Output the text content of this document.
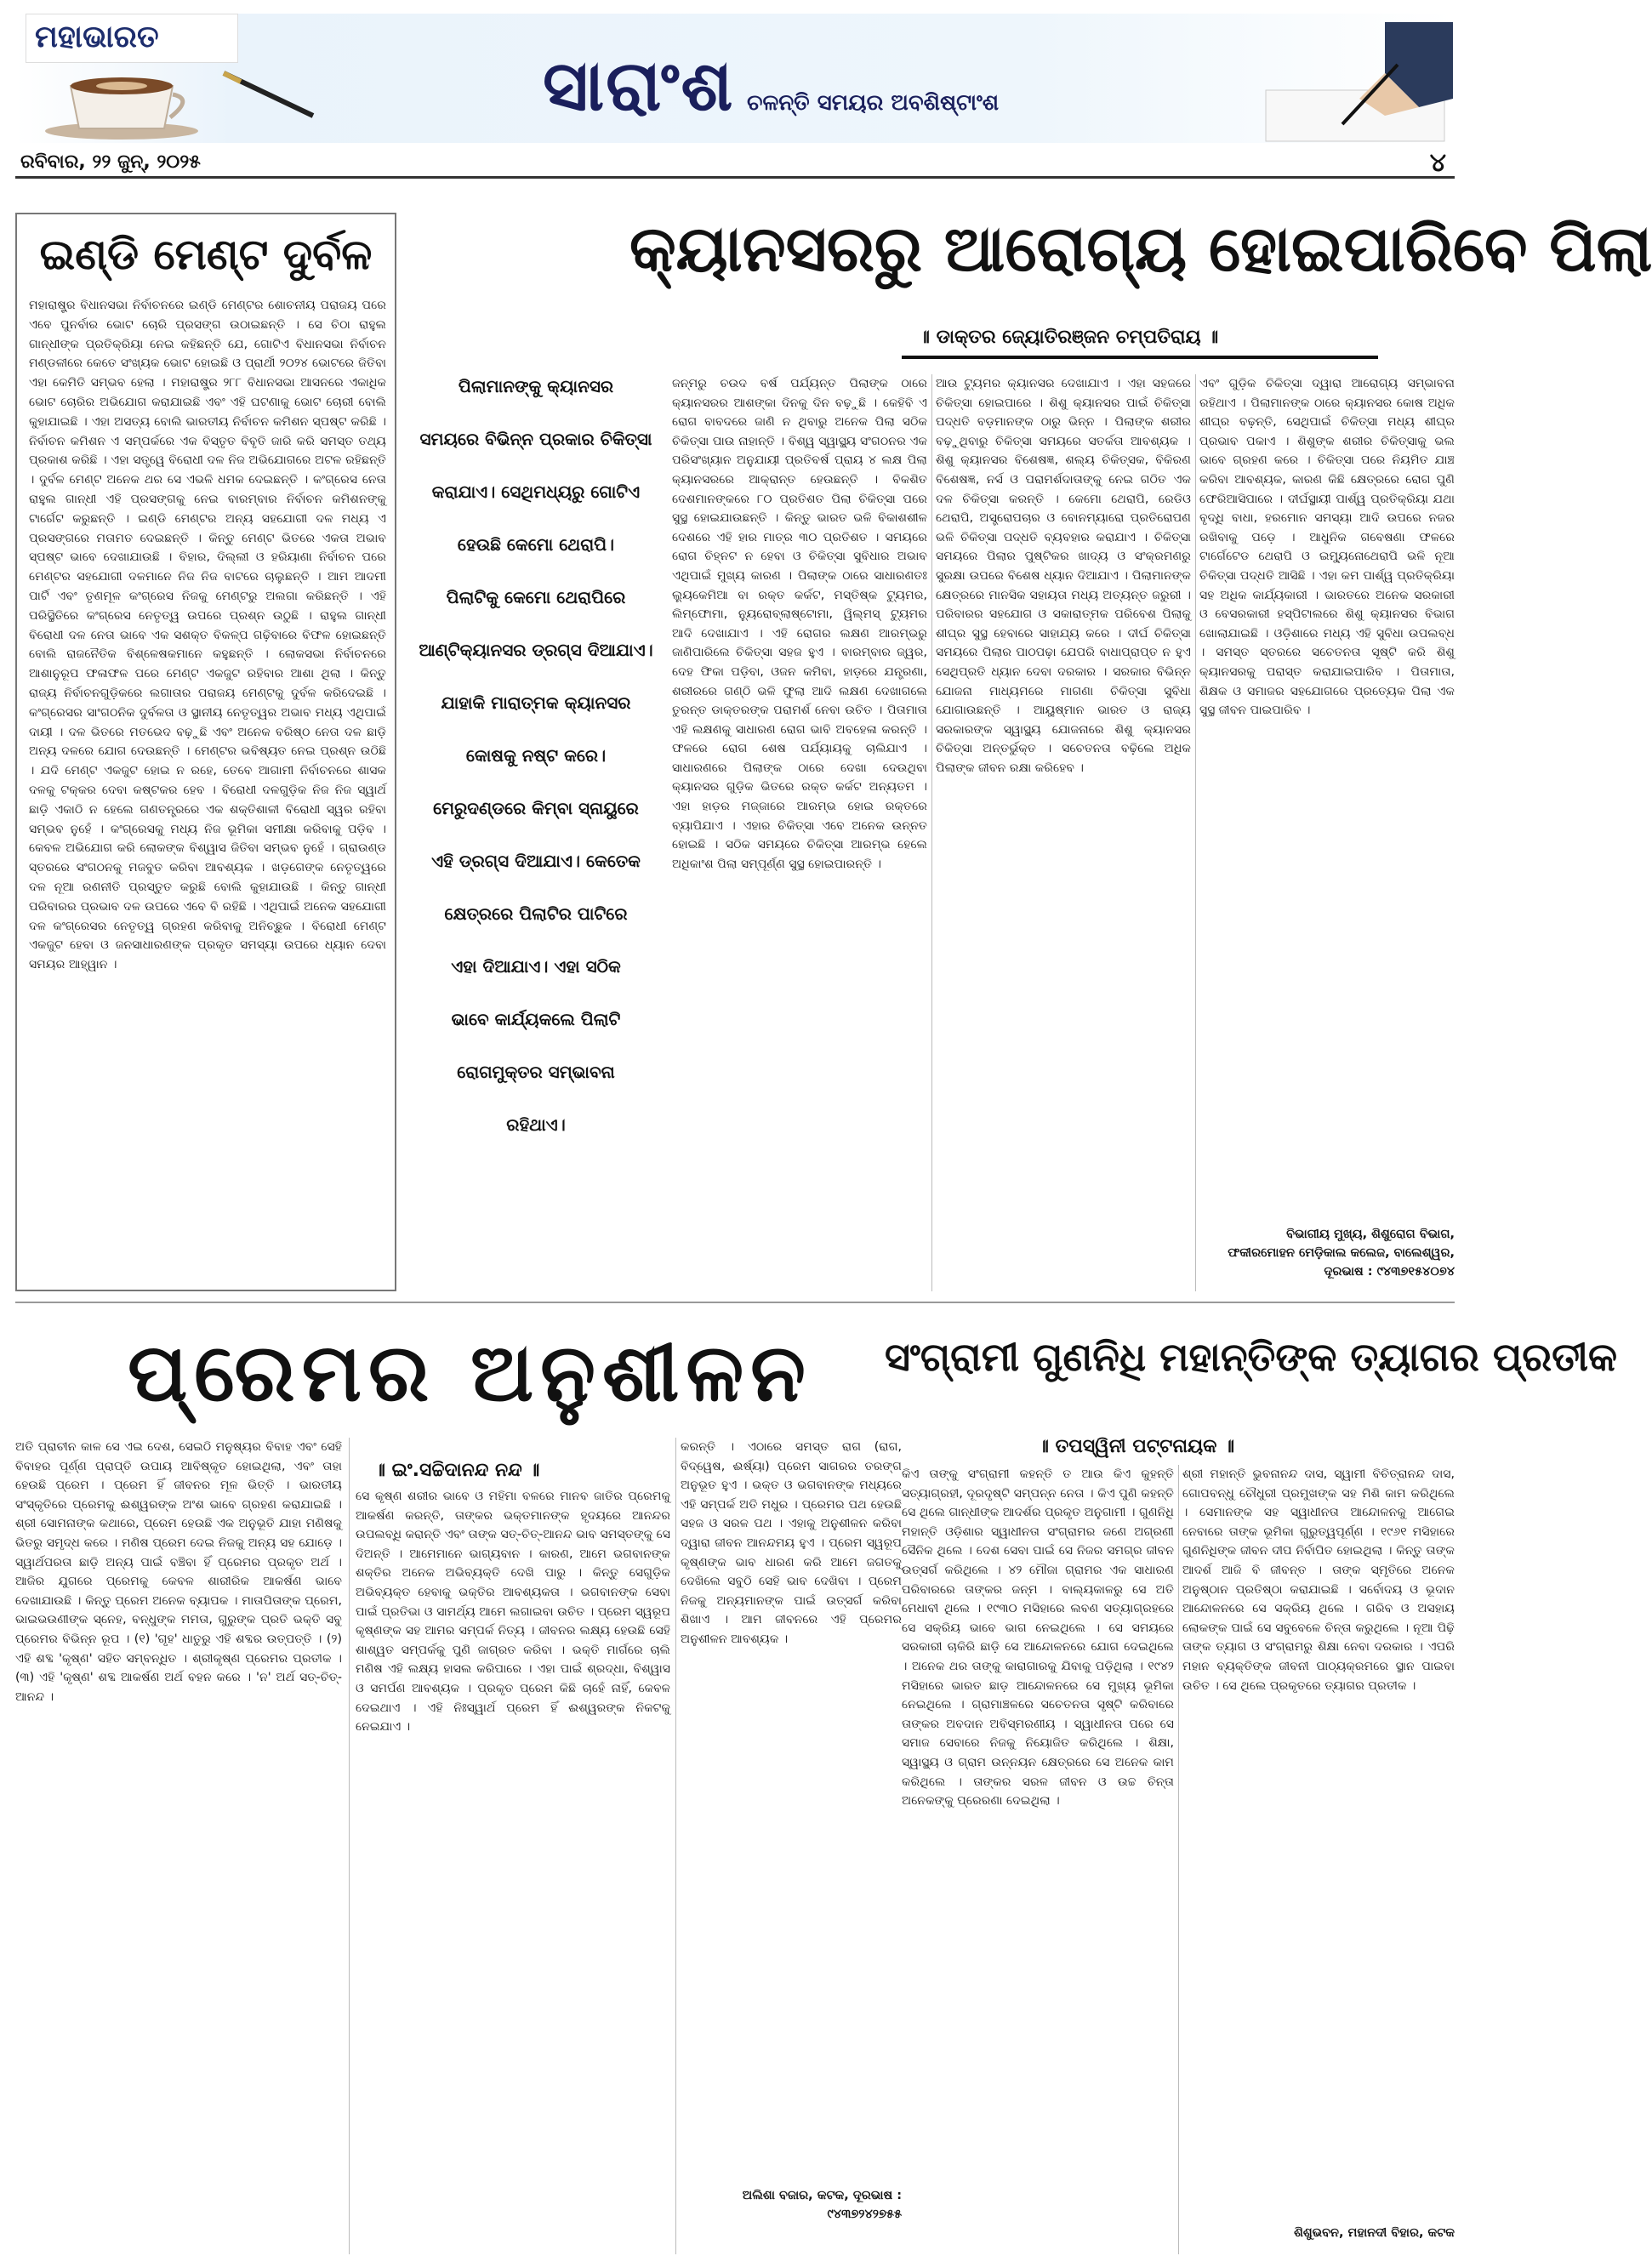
ମହାଭାରତ
ସାରାଂଶ ଚଳନ୍ତି ସମୟର ଅବଶିଷ୍ଟାଂଶ
ରବିବାର, ୨୨ ଜୁନ୍, ୨୦୨୫	୪
ଇଣ୍ଡି ମେଣ୍ଟ ଦୁର୍ବଳ
ମହାରାଷ୍ଟ୍ର ବିଧାନସଭା ନିର୍ବାଚନରେ ଇଣ୍ଡି ମେଣ୍ଟର ଶୋଚନୀୟ ପରାଜୟ ପରେ ଏବେ ପୁନର୍ବାର ଭୋଟ ଚୋରି ପ୍ରସଙ୍ଗ ଉଠାଇଛନ୍ତି । ସେ ଚିଠା ରାହୁଲ ଗାନ୍ଧୀଙ୍କ ପ୍ରତିକ୍ରିୟା ନେଇ କହିଛନ୍ତି ଯେ, ଗୋଟିଏ ବିଧାନସଭା ନିର୍ବାଚନ ମଣ୍ଡଳୀରେ କେତେ ସଂଖ୍ୟକ ଭୋଟ ହୋଇଛି ଓ ପ୍ରାର୍ଥୀ ୨୦୨୪ ଭୋଟରେ ଜିତିବା ଏହା କେମିତି ସମ୍ଭବ ହେଲା । ମହାରାଷ୍ଟ୍ର ୨୮୮ ବିଧାନସଭା ଆସନରେ ଏକାଧିକ ଭୋଟ ଚୋରିର ଅଭିଯୋଗ କରାଯାଇଛି ଏବଂ ଏହି ଘଟଣାକୁ ଭୋଟ ଚୋରୀ ବୋଲି କୁହାଯାଇଛି । ଏହା ଅସତ୍ୟ ବୋଲି ଭାରତୀୟ ନିର୍ବାଚନ କମିଶନ ସ୍ପଷ୍ଟ କରିଛି । ନିର୍ବାଚନ କମିଶନ ଏ ସମ୍ପର୍କରେ ଏକ ବିସ୍ତୃତ ବିବୃତି ଜାରି କରି ସମସ୍ତ ତଥ୍ୟ ପ୍ରକାଶ କରିଛି । ଏହା ସତ୍ତ୍ୱେ ବିରୋଧୀ ଦଳ ନିଜ ଅଭିଯୋଗରେ ଅଟଳ ରହିଛନ୍ତି । ଦୁର୍ବଳ ମେଣ୍ଟ ଅନେକ ଥର ସେ ଏଭଳି ଧମକ ଦେଇଛନ୍ତି । କଂଗ୍ରେସ ନେତା ରାହୁଲ ଗାନ୍ଧୀ ଏହି ପ୍ରସଙ୍ଗକୁ ନେଇ ବାରମ୍ବାର ନିର୍ବାଚନ କମିଶନଙ୍କୁ ଟାର୍ଗେଟ କରୁଛନ୍ତି । ଇଣ୍ଡି ମେଣ୍ଟର ଅନ୍ୟ ସହଯୋଗୀ ଦଳ ମଧ୍ୟ ଏ ପ୍ରସଙ୍ଗରେ ମତାମତ ଦେଇଛନ୍ତି । କିନ୍ତୁ ମେଣ୍ଟ ଭିତରେ ଏକତା ଅଭାବ ସ୍ପଷ୍ଟ ଭାବେ ଦେଖାଯାଉଛି । ବିହାର, ଦିଲ୍ଲୀ ଓ ହରିୟାଣା ନିର୍ବାଚନ ପରେ ମେଣ୍ଟର ସହଯୋଗୀ ଦଳମାନେ ନିଜ ନିଜ ବାଟରେ ଚାଲୁଛନ୍ତି । ଆମ ଆଦମୀ ପାର୍ଟି ଏବଂ ତୃଣମୂଳ କଂଗ୍ରେସ ନିଜକୁ ମେଣ୍ଟରୁ ଅଲଗା କରିଛନ୍ତି । ଏହି ପରିସ୍ଥିତିରେ କଂଗ୍ରେସ ନେତୃତ୍ୱ ଉପରେ ପ୍ରଶ୍ନ ଉଠୁଛି । ରାହୁଲ ଗାନ୍ଧୀ ବିରୋଧୀ ଦଳ ନେତା ଭାବେ ଏକ ସଶକ୍ତ ବିକଳ୍ପ ଗଢ଼ିବାରେ ବିଫଳ ହୋଇଛନ୍ତି ବୋଲି ରାଜନୈତିକ ବିଶ୍ଳେଷକମାନେ କହୁଛନ୍ତି । ଲୋକସଭା ନିର୍ବାଚନରେ ଆଶାନୁରୂପ ଫଳାଫଳ ପରେ ମେଣ୍ଟ ଏକଜୁଟ ରହିବାର ଆଶା ଥିଲା । କିନ୍ତୁ ରାଜ୍ୟ ନିର୍ବାଚନଗୁଡ଼ିକରେ ଲଗାତାର ପରାଜୟ ମେଣ୍ଟକୁ ଦୁର୍ବଳ କରିଦେଇଛି । କଂଗ୍ରେସର ସାଂଗଠନିକ ଦୁର୍ବଳତା ଓ ସ୍ଥାନୀୟ ନେତୃତ୍ୱର ଅଭାବ ମଧ୍ୟ ଏଥିପାଇଁ ଦାୟୀ । ଦଳ ଭିତରେ ମତଭେଦ ବଢ଼ୁଛି ଏବଂ ଅନେକ ବରିଷ୍ଠ ନେତା ଦଳ ଛାଡ଼ି ଅନ୍ୟ ଦଳରେ ଯୋଗ ଦେଉଛନ୍ତି । ମେଣ୍ଟର ଭବିଷ୍ୟତ ନେଇ ପ୍ରଶ୍ନ ଉଠିଛି । ଯଦି ମେଣ୍ଟ ଏକଜୁଟ ହୋଇ ନ ରହେ, ତେବେ ଆଗାମୀ ନିର୍ବାଚନରେ ଶାସକ ଦଳକୁ ଟକ୍କର ଦେବା କଷ୍ଟକର ହେବ । ବିରୋଧୀ ଦଳଗୁଡ଼ିକ ନିଜ ନିଜ ସ୍ୱାର୍ଥ ଛାଡ଼ି ଏକାଠି ନ ହେଲେ ଗଣତନ୍ତ୍ରରେ ଏକ ଶକ୍ତିଶାଳୀ ବିରୋଧୀ ସ୍ୱର ରହିବା ସମ୍ଭବ ନୁହେଁ । କଂଗ୍ରେସକୁ ମଧ୍ୟ ନିଜ ଭୂମିକା ସମୀକ୍ଷା କରିବାକୁ ପଡ଼ିବ । କେବଳ ଅଭିଯୋଗ କରି ଲୋକଙ୍କ ବିଶ୍ୱାସ ଜିତିବା ସମ୍ଭବ ନୁହେଁ । ଗ୍ରାଉଣ୍ଡ ସ୍ତରରେ ସଂଗଠନକୁ ମଜବୁତ କରିବା ଆବଶ୍ୟକ । ଖଡ଼ଗେଙ୍କ ନେତୃତ୍ୱରେ ଦଳ ନୂଆ ରଣନୀତି ପ୍ରସ୍ତୁତ କରୁଛି ବୋଲି କୁହାଯାଉଛି । କିନ୍ତୁ ଗାନ୍ଧୀ ପରିବାରର ପ୍ରଭାବ ଦଳ ଉପରେ ଏବେ ବି ରହିଛି । ଏଥିପାଇଁ ଅନେକ ସହଯୋଗୀ ଦଳ କଂଗ୍ରେସର ନେତୃତ୍ୱ ଗ୍ରହଣ କରିବାକୁ ଅନିଚ୍ଛୁକ । ବିରୋଧୀ ମେଣ୍ଟ ଏକଜୁଟ ହେବା ଓ ଜନସାଧାରଣଙ୍କ ପ୍ରକୃତ ସମସ୍ୟା ଉପରେ ଧ୍ୟାନ ଦେବା ସମୟର ଆହ୍ୱାନ ।
କ୍ୟାନସରରୁ ଆରୋଗ୍ୟ ହୋଇପାରିବେ ପିଲା
॥ ଡାକ୍ତର ଜ୍ୟୋତିରଞ୍ଜନ ଚମ୍ପତିରାୟ ॥

ପିଲାମାନଙ୍କୁ କ୍ୟାନସର

ସମୟରେ ବିଭିନ୍ନ ପ୍ରକାର ଚିକିତ୍ସା

କରାଯାଏ। ସେଥିମଧ୍ୟରୁ ଗୋଟିଏ

ହେଉଛି କେମୋ ଥେରାପି।

ପିଲାଟିକୁ କେମୋ ଥେରାପିରେ

ଆଣ୍ଟିକ୍ୟାନସର ଡ୍ରଗ୍ସ ଦିଆଯାଏ।

ଯାହାକି ମାରାତ୍ମକ କ୍ୟାନସର

କୋଷକୁ ନଷ୍ଟ କରେ।

ମେରୁଦଣ୍ଡରେ କିମ୍ବା ସ୍ନାୟୁରେ

ଏହି ଡ୍ରଗ୍ସ ଦିଆଯାଏ। କେତେକ

କ୍ଷେତ୍ରରେ ପିଲାଟିର ପାଟିରେ

ଏହା ଦିଆଯାଏ। ଏହା ସଠିକ

ଭାବେ କାର୍ଯ୍ୟକଲେ ପିଲାଟି

ରୋଗମୁକ୍ତର ସମ୍ଭାବନା

ରହିଥାଏ।

ଜନ୍ମରୁ ଚଉଦ ବର୍ଷ ପର୍ଯ୍ୟନ୍ତ ପିଲାଙ୍କ ଠାରେ କ୍ୟାନସରର ଆଶଙ୍କା ଦିନକୁ ଦିନ ବଢ଼ୁଛି । କେହିବି ଏ ରୋଗ ବାବଦରେ ଜାଣି ନ ଥିବାରୁ ଅନେକ ପିଲା ସଠିକ ଚିକିତ୍ସା ପାଉ ନାହାନ୍ତି । ବିଶ୍ୱ ସ୍ୱାସ୍ଥ୍ୟ ସଂଗଠନର ଏକ ପରିସଂଖ୍ୟାନ ଅନୁଯାୟୀ ପ୍ରତିବର୍ଷ ପ୍ରାୟ ୪ ଲକ୍ଷ ପିଲା କ୍ୟାନସରରେ ଆକ୍ରାନ୍ତ ହେଉଛନ୍ତି । ବିକଶିତ ଦେଶମାନଙ୍କରେ ୮୦ ପ୍ରତିଶତ ପିଲା ଚିକିତ୍ସା ପରେ ସୁସ୍ଥ ହୋଇଯାଉଛନ୍ତି । କିନ୍ତୁ ଭାରତ ଭଳି ବିକାଶଶୀଳ ଦେଶରେ ଏହି ହାର ମାତ୍ର ୩୦ ପ୍ରତିଶତ । ସମୟରେ ରୋଗ ଚିହ୍ନଟ ନ ହେବା ଓ ଚିକିତ୍ସା ସୁବିଧାର ଅଭାବ ଏଥିପାଇଁ ମୁଖ୍ୟ କାରଣ । ପିଲାଙ୍କ ଠାରେ ସାଧାରଣତଃ ଲ୍ୟୁକେମିଆ ବା ରକ୍ତ କର୍କଟ, ମସ୍ତିଷ୍କ ଟ୍ୟୁମର, ଲିମ୍ଫୋମା, ନ୍ୟୁରୋବ୍ଲାଷ୍ଟୋମା, ୱିଲ୍ମସ୍ ଟ୍ୟୁମର ଆଦି ଦେଖାଯାଏ । ଏହି ରୋଗର ଲକ୍ଷଣ ଆରମ୍ଭରୁ ଜାଣିପାରିଲେ ଚିକିତ୍ସା ସହଜ ହୁଏ । ବାରମ୍ବାର ଜ୍ୱର, ଦେହ ଫିକା ପଡ଼ିବା, ଓଜନ କମିବା, ହାଡ଼ରେ ଯନ୍ତ୍ରଣା, ଶରୀରରେ ଗଣ୍ଠି ଭଳି ଫୁଲା ଆଦି ଲକ୍ଷଣ ଦେଖାଗଲେ ତୁରନ୍ତ ଡାକ୍ତରଙ୍କ ପରାମର୍ଶ ନେବା ଉଚିତ । ପିତାମାତା ଏହି ଲକ୍ଷଣକୁ ସାଧାରଣ ରୋଗ ଭାବି ଅବହେଳା କରନ୍ତି । ଫଳରେ ରୋଗ ଶେଷ ପର୍ଯ୍ୟାୟକୁ ଚାଲିଯାଏ । ସାଧାରଣରେ ପିଲାଙ୍କ ଠାରେ ଦେଖା ଦେଉଥିବା କ୍ୟାନସର ଗୁଡ଼ିକ ଭିତରେ ରକ୍ତ କର୍କଟ ଅନ୍ୟତମ । ଏହା ହାଡ଼ର ମଜ୍ଜାରେ ଆରମ୍ଭ ହୋଇ ରକ୍ତରେ ବ୍ୟାପିଯାଏ । ଏହାର ଚିକିତ୍ସା ଏବେ ଅନେକ ଉନ୍ନତ ହୋଇଛି । ସଠିକ ସମୟରେ ଚିକିତ୍ସା ଆରମ୍ଭ ହେଲେ ଅଧିକାଂଶ ପିଲା ସମ୍ପୂର୍ଣ୍ଣ ସୁସ୍ଥ ହୋଇପାରନ୍ତି ।
ଆଉ ଟ୍ୟୁମର କ୍ୟାନସର ଦେଖାଯାଏ । ଏହା ସହଜରେ ଚିକିତ୍ସା ହୋଇପାରେ । ଶିଶୁ କ୍ୟାନସର ପାଇଁ ଚିକିତ୍ସା ପଦ୍ଧତି ବଡ଼ମାନଙ୍କ ଠାରୁ ଭିନ୍ନ । ପିଲାଙ୍କ ଶରୀର ବଢ଼ୁଥିବାରୁ ଚିକିତ୍ସା ସମୟରେ ସତର୍କତା ଆବଶ୍ୟକ । ଶିଶୁ କ୍ୟାନସର ବିଶେଷଜ୍ଞ, ଶଲ୍ୟ ଚିକିତ୍ସକ, ବିକିରଣ ବିଶେଷଜ୍ଞ, ନର୍ସ ଓ ପରାମର୍ଶଦାତାଙ୍କୁ ନେଇ ଗଠିତ ଏକ ଦଳ ଚିକିତ୍ସା କରନ୍ତି । କେମୋ ଥେରାପି, ରେଡିଓ ଥେରାପି, ଅସ୍ତ୍ରୋପଚାର ଓ ବୋନମ୍ୟାରୋ ପ୍ରତିରୋପଣ ଭଳି ଚିକିତ୍ସା ପଦ୍ଧତି ବ୍ୟବହାର କରାଯାଏ । ଚିକିତ୍ସା ସମୟରେ ପିଲାର ପୁଷ୍ଟିକର ଖାଦ୍ୟ ଓ ସଂକ୍ରମଣରୁ ସୁରକ୍ଷା ଉପରେ ବିଶେଷ ଧ୍ୟାନ ଦିଆଯାଏ । ପିଲାମାନଙ୍କ କ୍ଷେତ୍ରରେ ମାନସିକ ସହାୟତା ମଧ୍ୟ ଅତ୍ୟନ୍ତ ଜରୁରୀ । ପରିବାରର ସହଯୋଗ ଓ ସକାରାତ୍ମକ ପରିବେଶ ପିଲାକୁ ଶୀଘ୍ର ସୁସ୍ଥ ହେବାରେ ସାହାଯ୍ୟ କରେ । ଦୀର୍ଘ ଚିକିତ୍ସା ସମୟରେ ପିଲାର ପାଠପଢ଼ା ଯେପରି ବାଧାପ୍ରାପ୍ତ ନ ହୁଏ ସେଥିପ୍ରତି ଧ୍ୟାନ ଦେବା ଦରକାର । ସରକାର ବିଭିନ୍ନ ଯୋଜନା ମାଧ୍ୟମରେ ମାଗଣା ଚିକିତ୍ସା ସୁବିଧା ଯୋଗାଉଛନ୍ତି । ଆୟୁଷ୍ମାନ ଭାରତ ଓ ରାଜ୍ୟ ସରକାରଙ୍କ ସ୍ୱାସ୍ଥ୍ୟ ଯୋଜନାରେ ଶିଶୁ କ୍ୟାନସର ଚିକିତ୍ସା ଅନ୍ତର୍ଭୁକ୍ତ । ସଚେତନତା ବଢ଼ିଲେ ଅଧିକ ପିଲାଙ୍କ ଜୀବନ ରକ୍ଷା କରିହେବ ।
ଏବଂ ଗୁଡ଼ିକ ଚିକିତ୍ସା ଦ୍ୱାରା ଆରୋଗ୍ୟ ସମ୍ଭାବନା ରହିଥାଏ । ପିଲାମାନଙ୍କ ଠାରେ କ୍ୟାନସର କୋଷ ଅଧିକ ଶୀଘ୍ର ବଢ଼ନ୍ତି, ସେଥିପାଇଁ ଚିକିତ୍ସା ମଧ୍ୟ ଶୀଘ୍ର ପ୍ରଭାବ ପକାଏ । ଶିଶୁଙ୍କ ଶରୀର ଚିକିତ୍ସାକୁ ଭଲ ଭାବେ ଗ୍ରହଣ କରେ । ଚିକିତ୍ସା ପରେ ନିୟମିତ ଯାଞ୍ଚ କରିବା ଆବଶ୍ୟକ, କାରଣ କିଛି କ୍ଷେତ୍ରରେ ରୋଗ ପୁଣି ଫେରିଆସିପାରେ । ଦୀର୍ଘସ୍ଥାୟୀ ପାର୍ଶ୍ୱ ପ୍ରତିକ୍ରିୟା ଯଥା ବୃଦ୍ଧି ବାଧା, ହରମୋନ ସମସ୍ୟା ଆଦି ଉପରେ ନଜର ରଖିବାକୁ ପଡ଼େ । ଆଧୁନିକ ଗବେଷଣା ଫଳରେ ଟାର୍ଗେଟେଡ ଥେରାପି ଓ ଇମ୍ୟୁନୋଥେରାପି ଭଳି ନୂଆ ଚିକିତ୍ସା ପଦ୍ଧତି ଆସିଛି । ଏହା କମ ପାର୍ଶ୍ୱ ପ୍ରତିକ୍ରିୟା ସହ ଅଧିକ କାର୍ଯ୍ୟକାରୀ । ଭାରତରେ ଅନେକ ସରକାରୀ ଓ ବେସରକାରୀ ହସ୍ପିଟାଲରେ ଶିଶୁ କ୍ୟାନସର ବିଭାଗ ଖୋଲାଯାଇଛି । ଓଡ଼ିଶାରେ ମଧ୍ୟ ଏହି ସୁବିଧା ଉପଲବ୍ଧ । ସମସ୍ତ ସ୍ତରରେ ସଚେତନତା ସୃଷ୍ଟି କରି ଶିଶୁ କ୍ୟାନସରକୁ ପରାସ୍ତ କରାଯାଇପାରିବ । ପିତାମାତା, ଶିକ୍ଷକ ଓ ସମାଜର ସହଯୋଗରେ ପ୍ରତ୍ୟେକ ପିଲା ଏକ ସୁସ୍ଥ ଜୀବନ ପାଇପାରିବ ।
ବିଭାଗୀୟ ମୁଖ୍ୟ, ଶିଶୁରୋଗ ବିଭାଗ,
ଫକୀରମୋହନ ମେଡ଼ିକାଲ କଲେଜ, ବାଲେଶ୍ୱର,
ଦୂରଭାଷ : ୯୪୩୭୧୫୪୦୭୪
ପ୍ରେମର ଅନୁଶୀଳନ
॥ ଇଂ.ସଚ୍ଚିଦାନନ୍ଦ ନନ୍ଦ ॥
ଅତି ପ୍ରାଚୀନ କାଳ ସେ ଏଇ ଦେଶ, ସେଇଠି ମନୁଷ୍ୟର ବିବାହ ଏବଂ ସେହି ବିବାହର ପୂର୍ଣ୍ଣ ପ୍ରାପ୍ତି ଉପାୟ ଆବିଷ୍କୃତ ହୋଇଥିଲା, ଏବଂ ତାହା ହେଉଛି ପ୍ରେମ । ପ୍ରେମ ହିଁ ଜୀବନର ମୂଳ ଭିତ୍ତି । ଭାରତୀୟ ସଂସ୍କୃତିରେ ପ୍ରେମକୁ ଈଶ୍ୱରଙ୍କ ଅଂଶ ଭାବେ ଗ୍ରହଣ କରାଯାଇଛି । ଶ୍ରୀ ସୋମନାଙ୍କ କଥାରେ, ପ୍ରେମ ହେଉଛି ଏକ ଅନୁଭୂତି ଯାହା ମଣିଷକୁ ଭିତରୁ ସମୃଦ୍ଧ କରେ । ମଣିଷ ପ୍ରେମ ଦେଇ ନିଜକୁ ଅନ୍ୟ ସହ ଯୋଡ଼େ । ସ୍ୱାର୍ଥପରତା ଛାଡ଼ି ଅନ୍ୟ ପାଇଁ ବଞ୍ଚିବା ହିଁ ପ୍ରେମର ପ୍ରକୃତ ଅର୍ଥ । ଆଜିର ଯୁଗରେ ପ୍ରେମକୁ କେବଳ ଶାରୀରିକ ଆକର୍ଷଣ ଭାବେ ଦେଖାଯାଉଛି । କିନ୍ତୁ ପ୍ରେମ ଅନେକ ବ୍ୟାପକ । ମାତାପିତାଙ୍କ ପ୍ରେମ, ଭାଇଭଉଣୀଙ୍କ ସ୍ନେହ, ବନ୍ଧୁଙ୍କ ମମତା, ଗୁରୁଙ୍କ ପ୍ରତି ଭକ୍ତି ସବୁ ପ୍ରେମର ବିଭିନ୍ନ ରୂପ । (୧) 'ଗୃହ' ଧାତୁରୁ ଏହି ଶବ୍ଦର ଉତ୍ପତ୍ତି । (୨) ଏହି ଶବ୍ଦ 'କୃଷ୍ଣ' ସହିତ ସମ୍ବନ୍ଧିତ । ଶ୍ରୀକୃଷ୍ଣ ପ୍ରେମର ପ୍ରତୀକ । (୩) ଏହି 'କୃଷ୍ଣ' ଶବ୍ଦ ଆକର୍ଷଣ ଅର୍ଥ ବହନ କରେ । 'ନ' ଅର୍ଥ ସତ୍-ଚିତ୍-ଆନନ୍ଦ ।
ସେ କୃଷ୍ଣ ଶରୀର ଭାବେ ଓ ମହିମା ବଳରେ ମାନବ ଜାତିର ପ୍ରେମକୁ ଆକର୍ଷଣ କରନ୍ତି, ତାଙ୍କର ଭକ୍ତମାନଙ୍କ ହୃଦୟରେ ଆନନ୍ଦର ଉପଲବ୍ଧି କରାନ୍ତି ଏବଂ ତାଙ୍କ ସତ୍-ଚିତ୍-ଆନନ୍ଦ ଭାବ ସମସ୍ତଙ୍କୁ ସେ ଦିଅନ୍ତି । ଆମେମାନେ ଭାଗ୍ୟବାନ । କାରଣ, ଆମେ ଭଗବାନଙ୍କ ଶକ୍ତିର ଅନେକ ଅଭିବ୍ୟକ୍ତି ଦେଖି ପାରୁ । କିନ୍ତୁ ସେଗୁଡ଼ିକ ଅଭିବ୍ୟକ୍ତ ହେବାକୁ ଭକ୍ତିର ଆବଶ୍ୟକତା । ଭଗବାନଙ୍କ ସେବା ପାଇଁ ପ୍ରତିଭା ଓ ସାମର୍ଥ୍ୟ ଆମେ ଲଗାଇବା ଉଚିତ । ପ୍ରେମ ସ୍ୱରୂପ କୃଷ୍ଣଙ୍କ ସହ ଆମର ସମ୍ପର୍କ ନିତ୍ୟ । ଜୀବନର ଲକ୍ଷ୍ୟ ହେଉଛି ସେହି ଶାଶ୍ୱତ ସମ୍ପର୍କକୁ ପୁଣି ଜାଗ୍ରତ କରିବା । ଭକ୍ତି ମାର୍ଗରେ ଚାଲି ମଣିଷ ଏହି ଲକ୍ଷ୍ୟ ହାସଲ କରିପାରେ । ଏହା ପାଇଁ ଶ୍ରଦ୍ଧା, ବିଶ୍ୱାସ ଓ ସମର୍ପଣ ଆବଶ୍ୟକ । ପ୍ରକୃତ ପ୍ରେମ କିଛି ଚାହେଁ ନାହିଁ, କେବଳ ଦେଇଥାଏ । ଏହି ନିଃସ୍ୱାର୍ଥ ପ୍ରେମ ହିଁ ଈଶ୍ୱରଙ୍କ ନିକଟକୁ ନେଇଯାଏ ।
କରନ୍ତି । ଏଠାରେ ସମସ୍ତ ରାଗ (ରାଗ, ବିଦ୍ୱେଷ, ଈର୍ଷ୍ୟା) ପ୍ରେମ ସାଗରର ତରଙ୍ଗ ଅନୁଭୂତ ହୁଏ । ଭକ୍ତ ଓ ଭଗବାନଙ୍କ ମଧ୍ୟରେ ଏହି ସମ୍ପର୍କ ଅତି ମଧୁର । ପ୍ରେମର ପଥ ହେଉଛି ସହଜ ଓ ସରଳ ପଥ । ଏହାକୁ ଅନୁଶୀଳନ କରିବା ଦ୍ୱାରା ଜୀବନ ଆନନ୍ଦମୟ ହୁଏ । ପ୍ରେମ ସ୍ୱରୂପ କୃଷ୍ଣଙ୍କ ଭାବ ଧାରଣ କରି ଆମେ ଜଗତକୁ ଦେଖିଲେ ସବୁଠି ସେହି ଭାବ ଦେଖିବା । ପ୍ରେମ ନିଜକୁ ଅନ୍ୟମାନଙ୍କ ପାଇଁ ଉତ୍ସର୍ଗ କରିବା ଶିଖାଏ । ଆମ ଜୀବନରେ ଏହି ପ୍ରେମର ଅନୁଶୀଳନ ଆବଶ୍ୟକ ।
ଅଲିଶା ବଜାର, କଟକ, ଦୂରଭାଷ :
୯୪୩୭୨୪୨୭୫୫
ସଂଗ୍ରାମୀ ଗୁଣନିଧି ମହାନ୍ତିଙ୍କ ତ୍ୟାଗର ପ୍ରତୀକ
॥ ତପସ୍ୱିନୀ ପଟ୍ଟନାୟକ ॥
କିଏ ତାଙ୍କୁ ସଂଗ୍ରାମୀ କହନ୍ତି ତ ଆଉ କିଏ କୁହନ୍ତି ସତ୍ୟାଗ୍ରହୀ, ଦୂରଦୃଷ୍ଟି ସମ୍ପନ୍ନ ନେତା । କିଏ ପୁଣି କହନ୍ତି ସେ ଥିଲେ ଗାନ୍ଧୀଙ୍କ ଆଦର୍ଶର ପ୍ରକୃତ ଅନୁଗାମୀ । ଗୁଣନିଧି ମହାନ୍ତି ଓଡ଼ିଶାର ସ୍ୱାଧୀନତା ସଂଗ୍ରାମର ଜଣେ ଅଗ୍ରଣୀ ସୈନିକ ଥିଲେ । ଦେଶ ସେବା ପାଇଁ ସେ ନିଜର ସମଗ୍ର ଜୀବନ ଉତ୍ସର୍ଗ କରିଥିଲେ । ୪୨ ମୌଜା ଗ୍ରାମର ଏକ ସାଧାରଣ ପରିବାରରେ ତାଙ୍କର ଜନ୍ମ । ବାଲ୍ୟକାଳରୁ ସେ ଅତି ମେଧାବୀ ଥିଲେ । ୧୯୩୦ ମସିହାରେ ଲବଣ ସତ୍ୟାଗ୍ରହରେ ସେ ସକ୍ରିୟ ଭାବେ ଭାଗ ନେଇଥିଲେ । ସେ ସମୟରେ ସରକାରୀ ଚାକିରି ଛାଡ଼ି ସେ ଆନ୍ଦୋଳନରେ ଯୋଗ ଦେଇଥିଲେ । ଅନେକ ଥର ତାଙ୍କୁ କାରାଗାରକୁ ଯିବାକୁ ପଡ଼ିଥିଲା । ୧୯୪୨ ମସିହାରେ ଭାରତ ଛାଡ଼ ଆନ୍ଦୋଳନରେ ସେ ମୁଖ୍ୟ ଭୂମିକା ନେଇଥିଲେ । ଗ୍ରାମାଞ୍ଚଳରେ ସଚେତନତା ସୃଷ୍ଟି କରିବାରେ ତାଙ୍କର ଅବଦାନ ଅବିସ୍ମରଣୀୟ । ସ୍ୱାଧୀନତା ପରେ ସେ ସମାଜ ସେବାରେ ନିଜକୁ ନିୟୋଜିତ କରିଥିଲେ । ଶିକ୍ଷା, ସ୍ୱାସ୍ଥ୍ୟ ଓ ଗ୍ରାମ ଉନ୍ନୟନ କ୍ଷେତ୍ରରେ ସେ ଅନେକ କାମ କରିଥିଲେ । ତାଙ୍କର ସରଳ ଜୀବନ ଓ ଉଚ୍ଚ ଚିନ୍ତା ଅନେକଙ୍କୁ ପ୍ରେରଣା ଦେଇଥିଲା ।
ଶ୍ରୀ ମହାନ୍ତି ଭୁବନାନନ୍ଦ ଦାସ, ସ୍ୱାମୀ ବିଚିତ୍ରାନନ୍ଦ ଦାସ, ଗୋପବନ୍ଧୁ ଚୌଧୁରୀ ପ୍ରମୁଖଙ୍କ ସହ ମିଶି କାମ କରିଥିଲେ । ସେମାନଙ୍କ ସହ ସ୍ୱାଧୀନତା ଆନ୍ଦୋଳନକୁ ଆଗେଇ ନେବାରେ ତାଙ୍କ ଭୂମିକା ଗୁରୁତ୍ୱପୂର୍ଣ୍ଣ । ୧୯୬୧ ମସିହାରେ ଗୁଣନିଧିଙ୍କ ଜୀବନ ଦୀପ ନିର୍ବାପିତ ହୋଇଥିଲା । କିନ୍ତୁ ତାଙ୍କ ଆଦର୍ଶ ଆଜି ବି ଜୀବନ୍ତ । ତାଙ୍କ ସ୍ମୃତିରେ ଅନେକ ଅନୁଷ୍ଠାନ ପ୍ରତିଷ୍ଠା କରାଯାଇଛି । ସର୍ବୋଦୟ ଓ ଭୂଦାନ ଆନ୍ଦୋଳନରେ ସେ ସକ୍ରିୟ ଥିଲେ । ଗରିବ ଓ ଅସହାୟ ଲୋକଙ୍କ ପାଇଁ ସେ ସବୁବେଳେ ଚିନ୍ତା କରୁଥିଲେ । ନୂଆ ପିଢ଼ି ତାଙ୍କ ତ୍ୟାଗ ଓ ସଂଗ୍ରାମରୁ ଶିକ୍ଷା ନେବା ଦରକାର । ଏପରି ମହାନ ବ୍ୟକ୍ତିଙ୍କ ଜୀବନୀ ପାଠ୍ୟକ୍ରମରେ ସ୍ଥାନ ପାଇବା ଉଚିତ । ସେ ଥିଲେ ପ୍ରକୃତରେ ତ୍ୟାଗର ପ୍ରତୀକ ।
ଶିଶୁଭବନ, ମହାନଦୀ ବିହାର, କଟକ
